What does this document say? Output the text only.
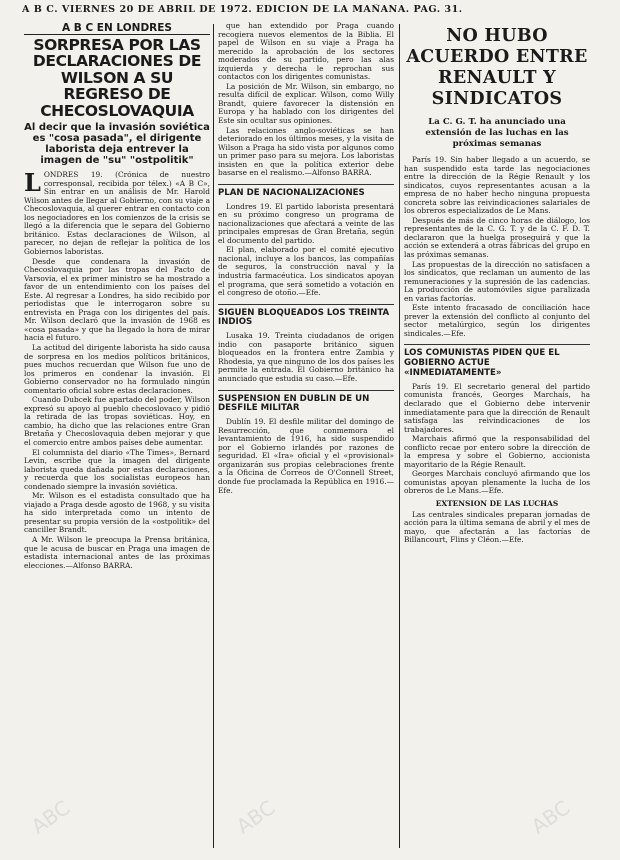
A B C. VIERNES 20 DE ABRIL DE 1972. EDICION DE LA MAÑANA. PAG. 31.
A B C EN LONDRES
SORPRESA POR LAS DECLARACIONES DE WILSON A SU REGRESO DE CHECOSLOVAQUIA
Al decir que la invasión soviética es "cosa pasada", el dirigente laborista deja entrever la imagen de "su" "ostpolitik"

LONDRES 19. (Crónica de nuestro corresponsal, recibida por télex.) «A B C», Sin entrar en un análisis de Mr. Harold Wilson antes de llegar al Gobierno, con su viaje a Checoslovaquia, al querer entrar en contacto con los negociadores en los comienzos de la crisis se llegó a la diferencia que le separa del Gobierno británico. Estas declaraciones de Wilson, al parecer, no dejan de reflejar la política de los Gobiernos laboristas.

Desde que condenara la invasión de Checoslovaquia por las tropas del Pacto de Varsovia, el ex primer ministro se ha mostrado a favor de un entendimiento con los países del Este. Al regresar a Londres, ha sido recibido por periodistas que le interrogaron sobre su entrevista en Praga con los dirigentes del país. Mr. Wilson declaró que la invasión de 1968 es «cosa pasada» y que ha llegado la hora de mirar hacia el futuro.

La actitud del dirigente laborista ha sido causa de sorpresa en los medios políticos británicos, pues muchos recuerdan que Wilson fue uno de los primeros en condenar la invasión. El Gobierno conservador no ha formulado ningún comentario oficial sobre estas declaraciones.

Cuando Dubcek fue apartado del poder, Wilson expresó su apoyo al pueblo checoslovaco y pidió la retirada de las tropas soviéticas. Hoy, en cambio, ha dicho que las relaciones entre Gran Bretaña y Checoslovaquia deben mejorar y que el comercio entre ambos países debe aumentar.

El columnista del diario «The Times», Bernard Levin, escribe que la imagen del dirigente laborista queda dañada por estas declaraciones, y recuerda que los socialistas europeos han condenado siempre la invasión soviética.

Mr. Wilson es el estadista consultado que ha viajado a Praga desde agosto de 1968, y su visita ha sido interpretada como un intento de presentar su propia versión de la «ostpolitik» del canciller Brandt.

A Mr. Wilson le preocupa la Prensa británica, que le acusa de buscar en Praga una imagen de estadista internacional antes de las próximas elecciones.—Alfonso BARRA.

que han extendido por Praga cuando recogiera nuevos elementos de la Biblia. El papel de Wilson en su viaje a Praga ha merecido la aprobación de los sectores moderados de su partido, pero las alas izquierda y derecha le reprochan sus contactos con los dirigentes comunistas.

La posición de Mr. Wilson, sin embargo, no resulta difícil de explicar. Wilson, como Willy Brandt, quiere favorecer la distensión en Europa y ha hablado con los dirigentes del Este sin ocultar sus opiniones.

Las relaciones anglo-soviéticas se han deteriorado en los últimos meses, y la visita de Wilson a Praga ha sido vista por algunos como un primer paso para su mejora. Los laboristas insisten en que la política exterior debe basarse en el realismo.—Alfonso BARRA.

PLAN DE NACIONALIZACIONES

Londres 19. El partido laborista presentará en su próximo congreso un programa de nacionalizaciones que afectará a veinte de las principales empresas de Gran Bretaña, según el documento del partido.

El plan, elaborado por el comité ejecutivo nacional, incluye a los bancos, las compañías de seguros, la construcción naval y la industria farmacéutica. Los sindicatos apoyan el programa, que será sometido a votación en el congreso de otoño.—Efe.

SIGUEN BLOQUEADOS LOS TREINTA INDIOS

Lusaka 19. Treinta ciudadanos de origen indio con pasaporte británico siguen bloqueados en la frontera entre Zambia y Rhodesia, ya que ninguno de los dos países les permite la entrada. El Gobierno británico ha anunciado que estudia su caso.—Efe.

SUSPENSION EN DUBLIN DE UN DESFILE MILITAR

Dublín 19. El desfile militar del domingo de Resurrección, que conmemora el levantamiento de 1916, ha sido suspendido por el Gobierno irlandés por razones de seguridad. El «Ira» oficial y el «provisional» organizarán sus propias celebraciones frente a la Oficina de Correos de O'Connell Street, donde fue proclamada la República en 1916.—Efe.

NO HUBO ACUERDO ENTRE RENAULT Y SINDICATOS
La C. G. T. ha anunciado una extensión de las luchas en las próximas semanas

París 19. Sin haber llegado a un acuerdo, se han suspendido esta tarde las negociaciones entre la dirección de la Régie Renault y los sindicatos, cuyos representantes acusan a la empresa de no haber hecho ninguna propuesta concreta sobre las reivindicaciones salariales de los obreros especializados de Le Mans.

Después de más de cinco horas de diálogo, los representantes de la C. G. T. y de la C. F. D. T. declararon que la huelga proseguirá y que la acción se extenderá a otras fábricas del grupo en las próximas semanas.

Las propuestas de la dirección no satisfacen a los sindicatos, que reclaman un aumento de las remuneraciones y la supresión de las cadencias. La producción de automóviles sigue paralizada en varias factorías.

Este intento fracasado de conciliación hace prever la extensión del conflicto al conjunto del sector metalúrgico, según los dirigentes sindicales.—Efe.

LOS COMUNISTAS PIDEN QUE EL GOBIERNO ACTUE «INMEDIATAMENTE»

París 19. El secretario general del partido comunista francés, Georges Marchais, ha declarado que el Gobierno debe intervenir inmediatamente para que la dirección de Renault satisfaga las reivindicaciones de los trabajadores.

Marchais afirmó que la responsabilidad del conflicto recae por entero sobre la dirección de la empresa y sobre el Gobierno, accionista mayoritario de la Régie Renault.

Georges Marchais concluyó afirmando que los comunistas apoyan plenamente la lucha de los obreros de Le Mans.—Efe.

EXTENSION DE LAS LUCHAS

Las centrales sindicales preparan jornadas de acción para la última semana de abril y el mes de mayo, que afectarán a las factorías de Billancourt, Flins y Cléon.—Efe.

ABC	ABC	ABC
